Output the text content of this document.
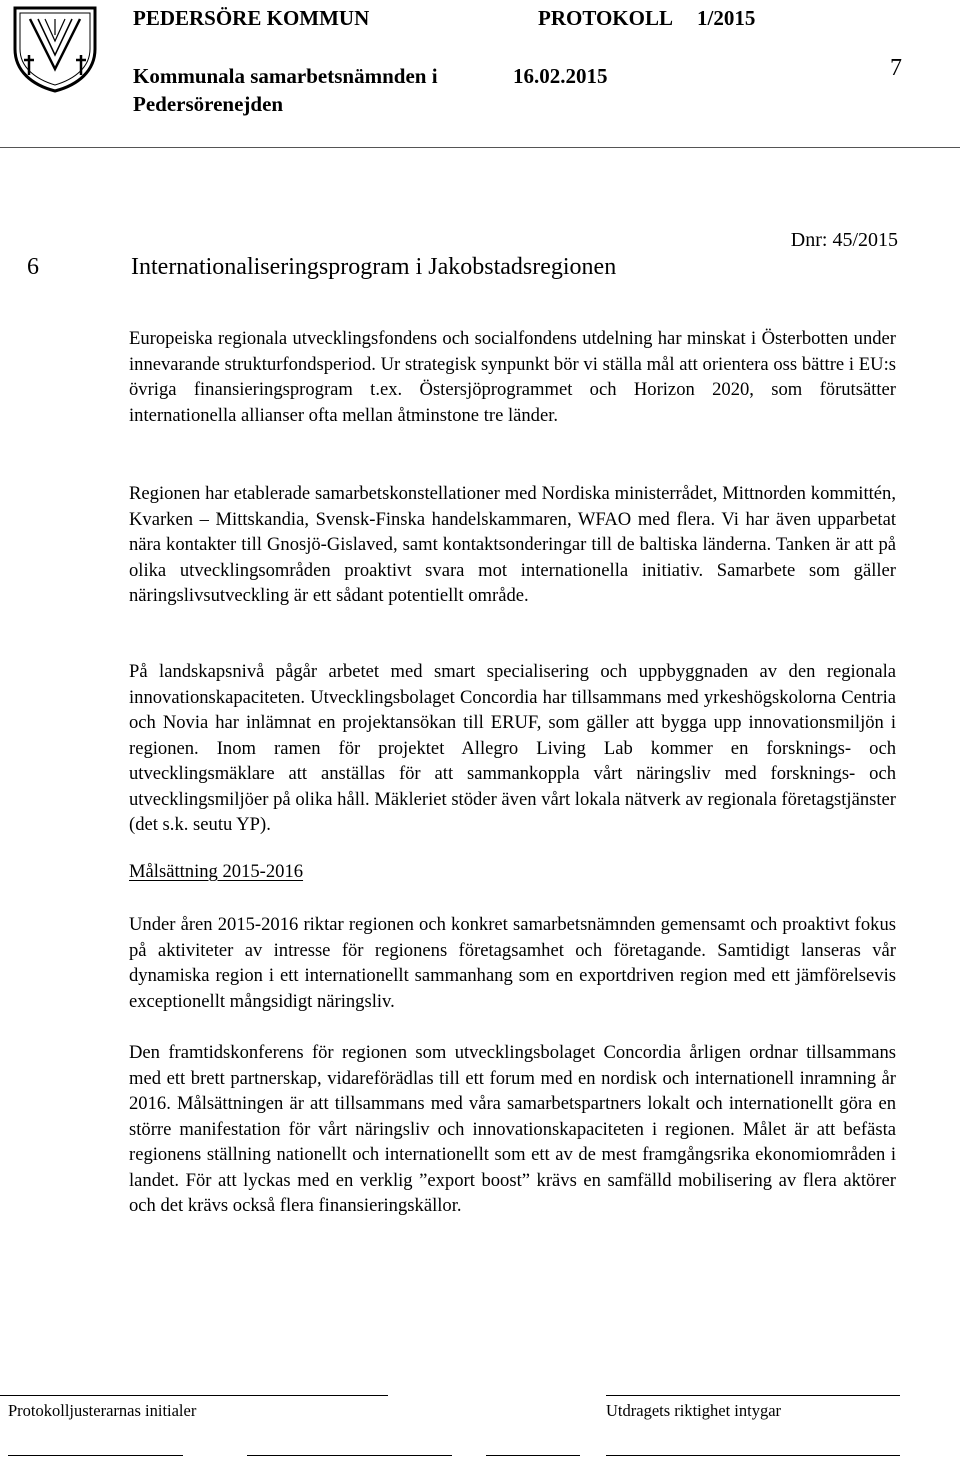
PEDERSÖRE KOMMUN	PROTOKOLL 1/2015
Kommunala samarbetsnämnden i	16.02.2015
Pedersörenejden
7
Dnr: 45/2015
6	Internationaliseringsprogram i Jakobstadsregionen

Europeiska regionala utvecklingsfondens och socialfondens utdelning har minskat i Österbotten under innevarande strukturfondsperiod. Ur strategisk synpunkt bör vi ställa mål att orientera oss bättre i EU:s övriga finansieringsprogram t.ex. Östersjöprogrammet och Horizon 2020, som förutsätter internationella allianser ofta mellan åtminstone tre länder.

Regionen har etablerade samarbetskonstellationer med Nordiska ministerrådet, Mittnorden kommittén, Kvarken – Mittskandia, Svensk-Finska handelskammaren, WFAO med flera. Vi har även upparbetat nära kontakter till Gnosjö-Gislaved, samt kontaktsonderingar till de baltiska länderna. Tanken är att på olika utvecklingsområden proaktivt svara mot internationella initiativ. Samarbete som gäller näringslivsutveckling är ett sådant potentiellt område.

På landskapsnivå pågår arbetet med smart specialisering och uppbyggnaden av den regionala innovationskapaciteten. Utvecklingsbolaget Concordia har tillsammans med yrkeshögskolorna Centria och Novia har inlämnat en projektansökan till ERUF, som gäller att bygga upp innovationsmiljön i regionen. Inom ramen för projektet Allegro Living Lab kommer en forsknings- och utvecklingsmäklare att anställas för att sammankoppla vårt näringsliv med forsknings- och utvecklingsmiljöer på olika håll. Mäkleriet stöder även vårt lokala nätverk av regionala företagstjänster (det s.k. seutu YP).

Målsättning 2015-2016

Under åren 2015-2016 riktar regionen och konkret samarbetsnämnden gemensamt och proaktivt fokus på aktiviteter av intresse för regionens företagsamhet och företagande. Samtidigt lanseras vår dynamiska region i ett internationellt sammanhang som en exportdriven region med ett jämförelsevis exceptionellt mångsidigt näringsliv.

Den framtidskonferens för regionen som utvecklingsbolaget Concordia årligen ordnar tillsammans med ett brett partnerskap, vidareförädlas till ett forum med en nordisk och internationell inramning år 2016. Målsättningen är att tillsammans med våra samarbetspartners lokalt och internationellt göra en större manifestation för vårt näringsliv och innovationskapaciteten i regionen. Målet är att befästa regionens ställning nationellt och internationellt som ett av de mest framgångsrika ekonomiområden i landet. För att lyckas med en verklig ”export boost” krävs en samfälld mobilisering av flera aktörer och det krävs också flera finansieringskällor.

Protokolljusterarnas initialer	Utdragets riktighet intygar
